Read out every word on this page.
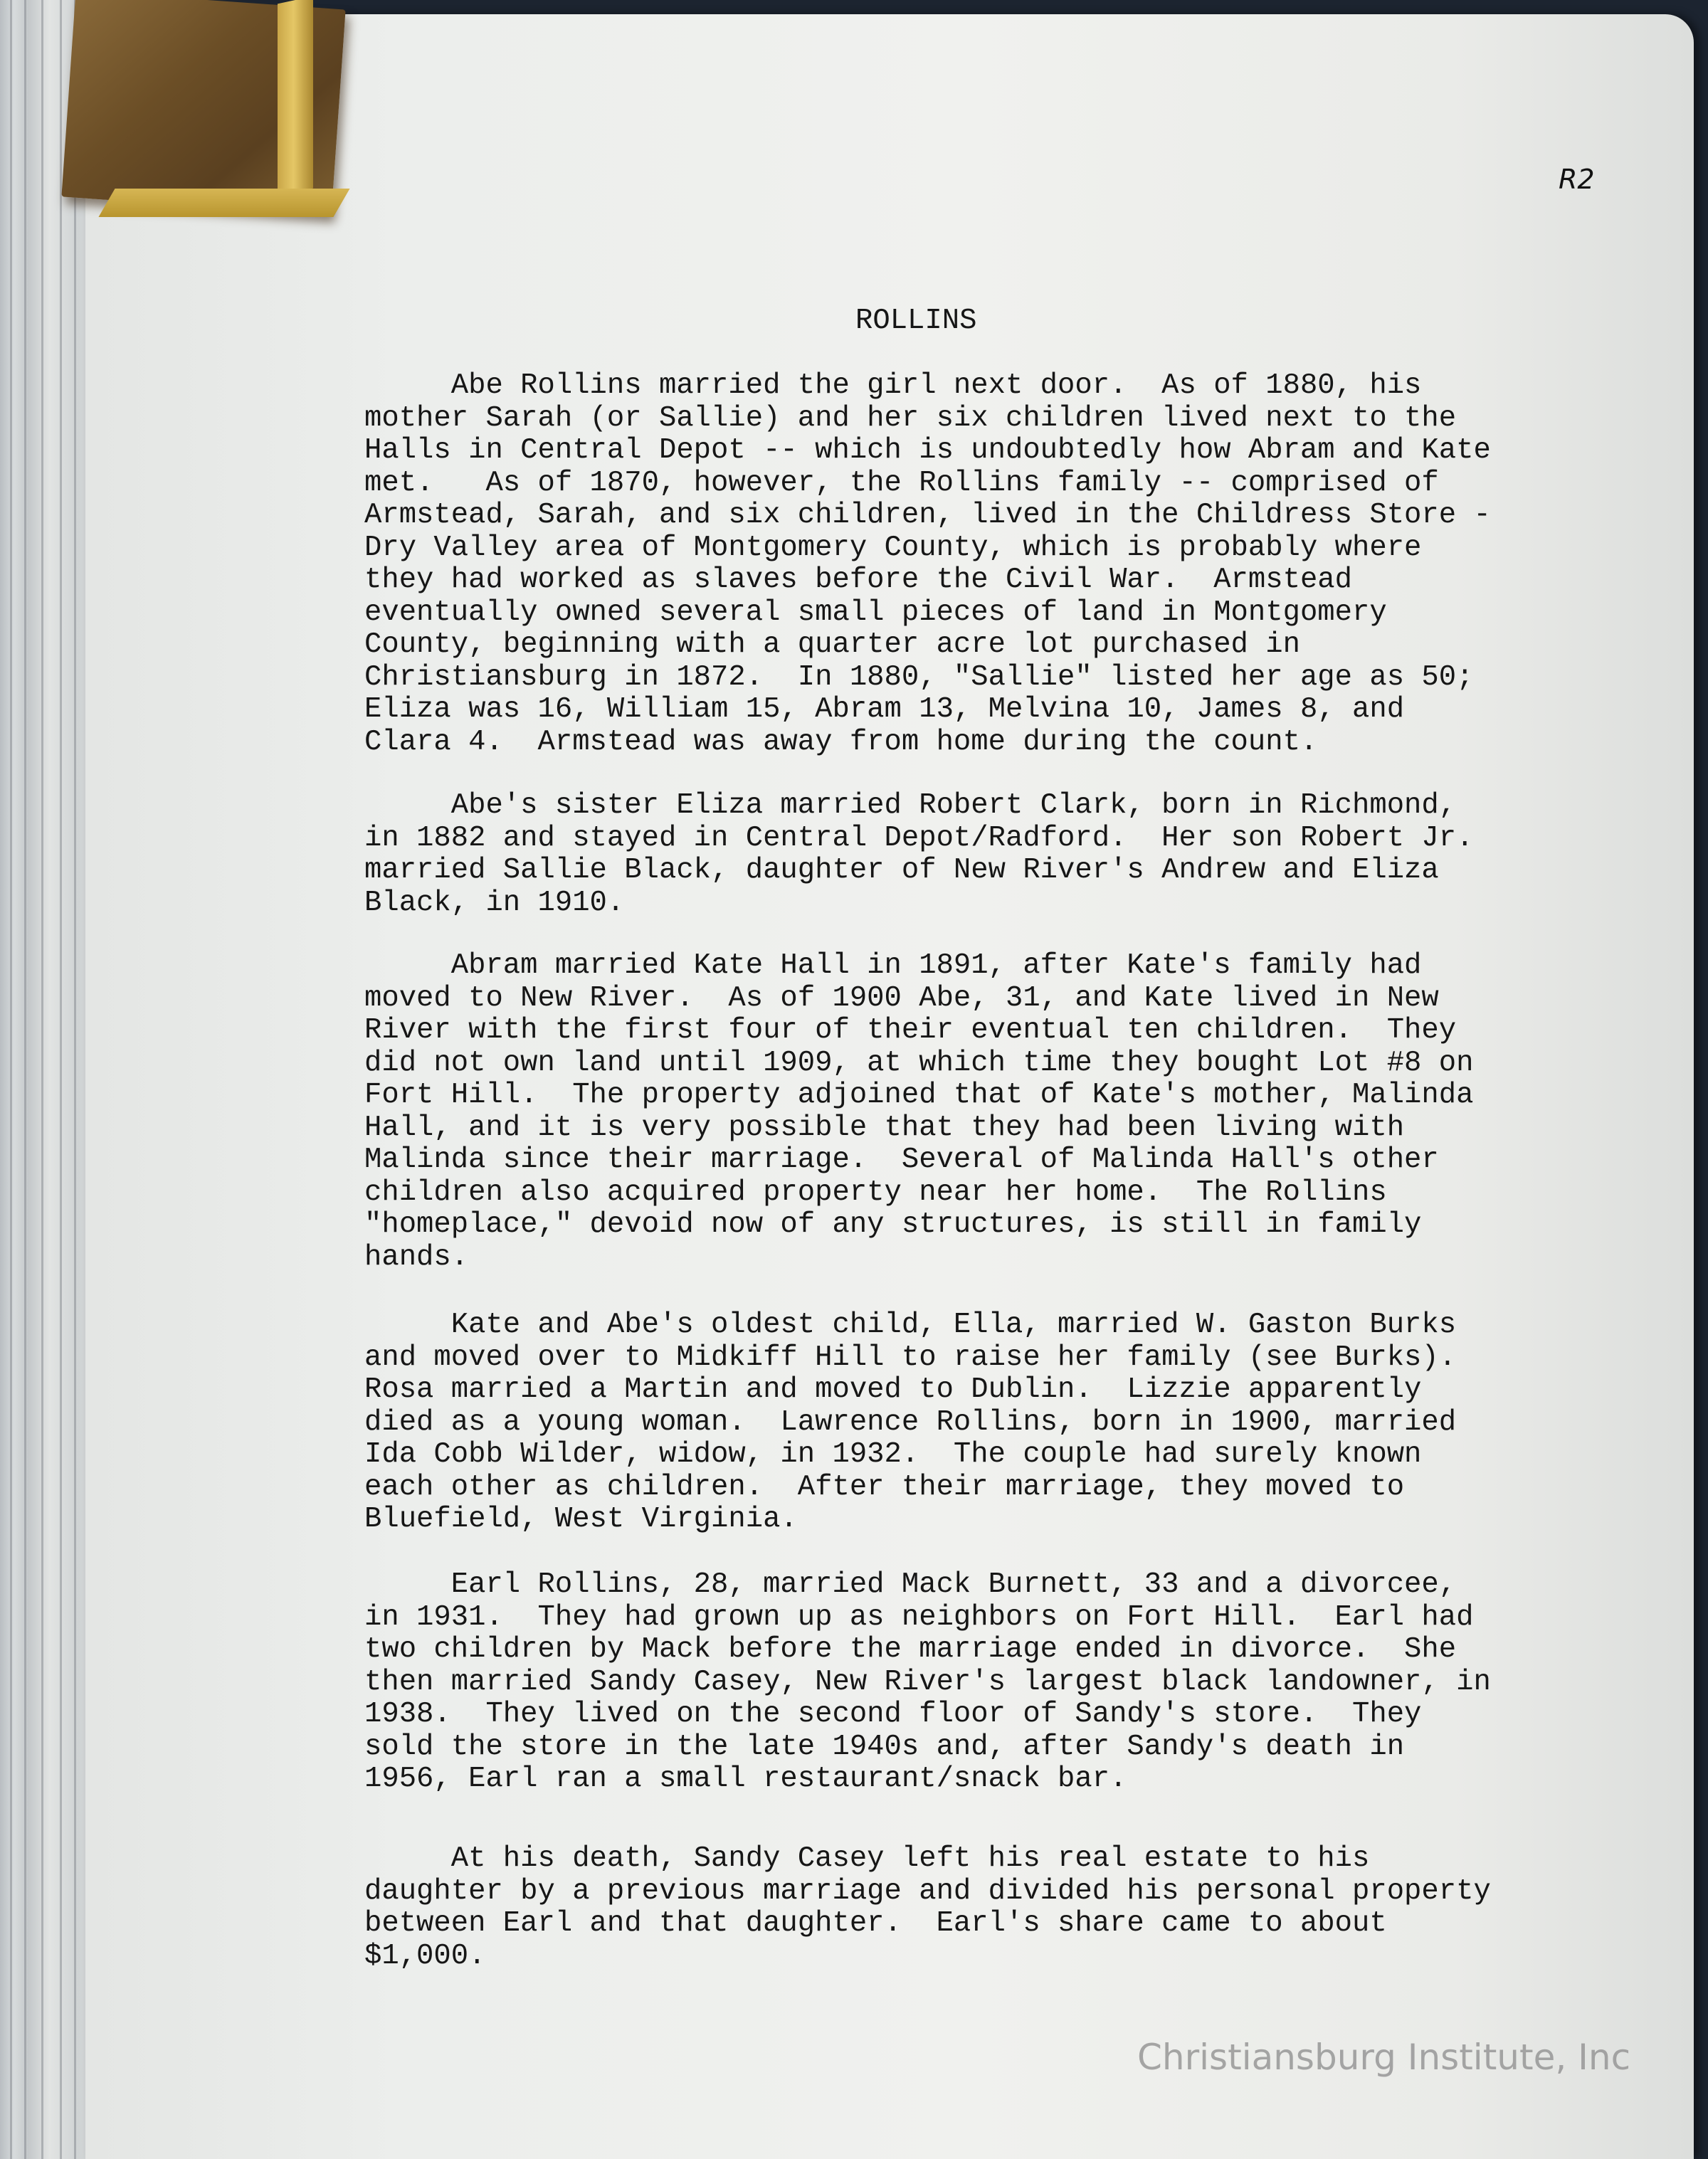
R2
ROLLINS
Abe Rollins married the girl next door.  As of 1880, his
mother Sarah (or Sallie) and her six children lived next to the
Halls in Central Depot -- which is undoubtedly how Abram and Kate
met.   As of 1870, however, the Rollins family -- comprised of
Armstead, Sarah, and six children, lived in the Childress Store -
Dry Valley area of Montgomery County, which is probably where
they had worked as slaves before the Civil War.  Armstead
eventually owned several small pieces of land in Montgomery
County, beginning with a quarter acre lot purchased in
Christiansburg in 1872.  In 1880, "Sallie" listed her age as 50;
Eliza was 16, William 15, Abram 13, Melvina 10, James 8, and
Clara 4.  Armstead was away from home during the count.
Abe's sister Eliza married Robert Clark, born in Richmond,
in 1882 and stayed in Central Depot/Radford.  Her son Robert Jr.
married Sallie Black, daughter of New River's Andrew and Eliza
Black, in 1910.
Abram married Kate Hall in 1891, after Kate's family had
moved to New River.  As of 1900 Abe, 31, and Kate lived in New
River with the first four of their eventual ten children.  They
did not own land until 1909, at which time they bought Lot #8 on
Fort Hill.  The property adjoined that of Kate's mother, Malinda
Hall, and it is very possible that they had been living with
Malinda since their marriage.  Several of Malinda Hall's other
children also acquired property near her home.  The Rollins
"homeplace," devoid now of any structures, is still in family
hands.
Kate and Abe's oldest child, Ella, married W. Gaston Burks
and moved over to Midkiff Hill to raise her family (see Burks).
Rosa married a Martin and moved to Dublin.  Lizzie apparently
died as a young woman.  Lawrence Rollins, born in 1900, married
Ida Cobb Wilder, widow, in 1932.  The couple had surely known
each other as children.  After their marriage, they moved to
Bluefield, West Virginia.
Earl Rollins, 28, married Mack Burnett, 33 and a divorcee,
in 1931.  They had grown up as neighbors on Fort Hill.  Earl had
two children by Mack before the marriage ended in divorce.  She
then married Sandy Casey, New River's largest black landowner, in
1938.  They lived on the second floor of Sandy's store.  They
sold the store in the late 1940s and, after Sandy's death in
1956, Earl ran a small restaurant/snack bar.
At his death, Sandy Casey left his real estate to his
daughter by a previous marriage and divided his personal property
between Earl and that daughter.  Earl's share came to about
$1,000.
Christiansburg Institute, Inc
